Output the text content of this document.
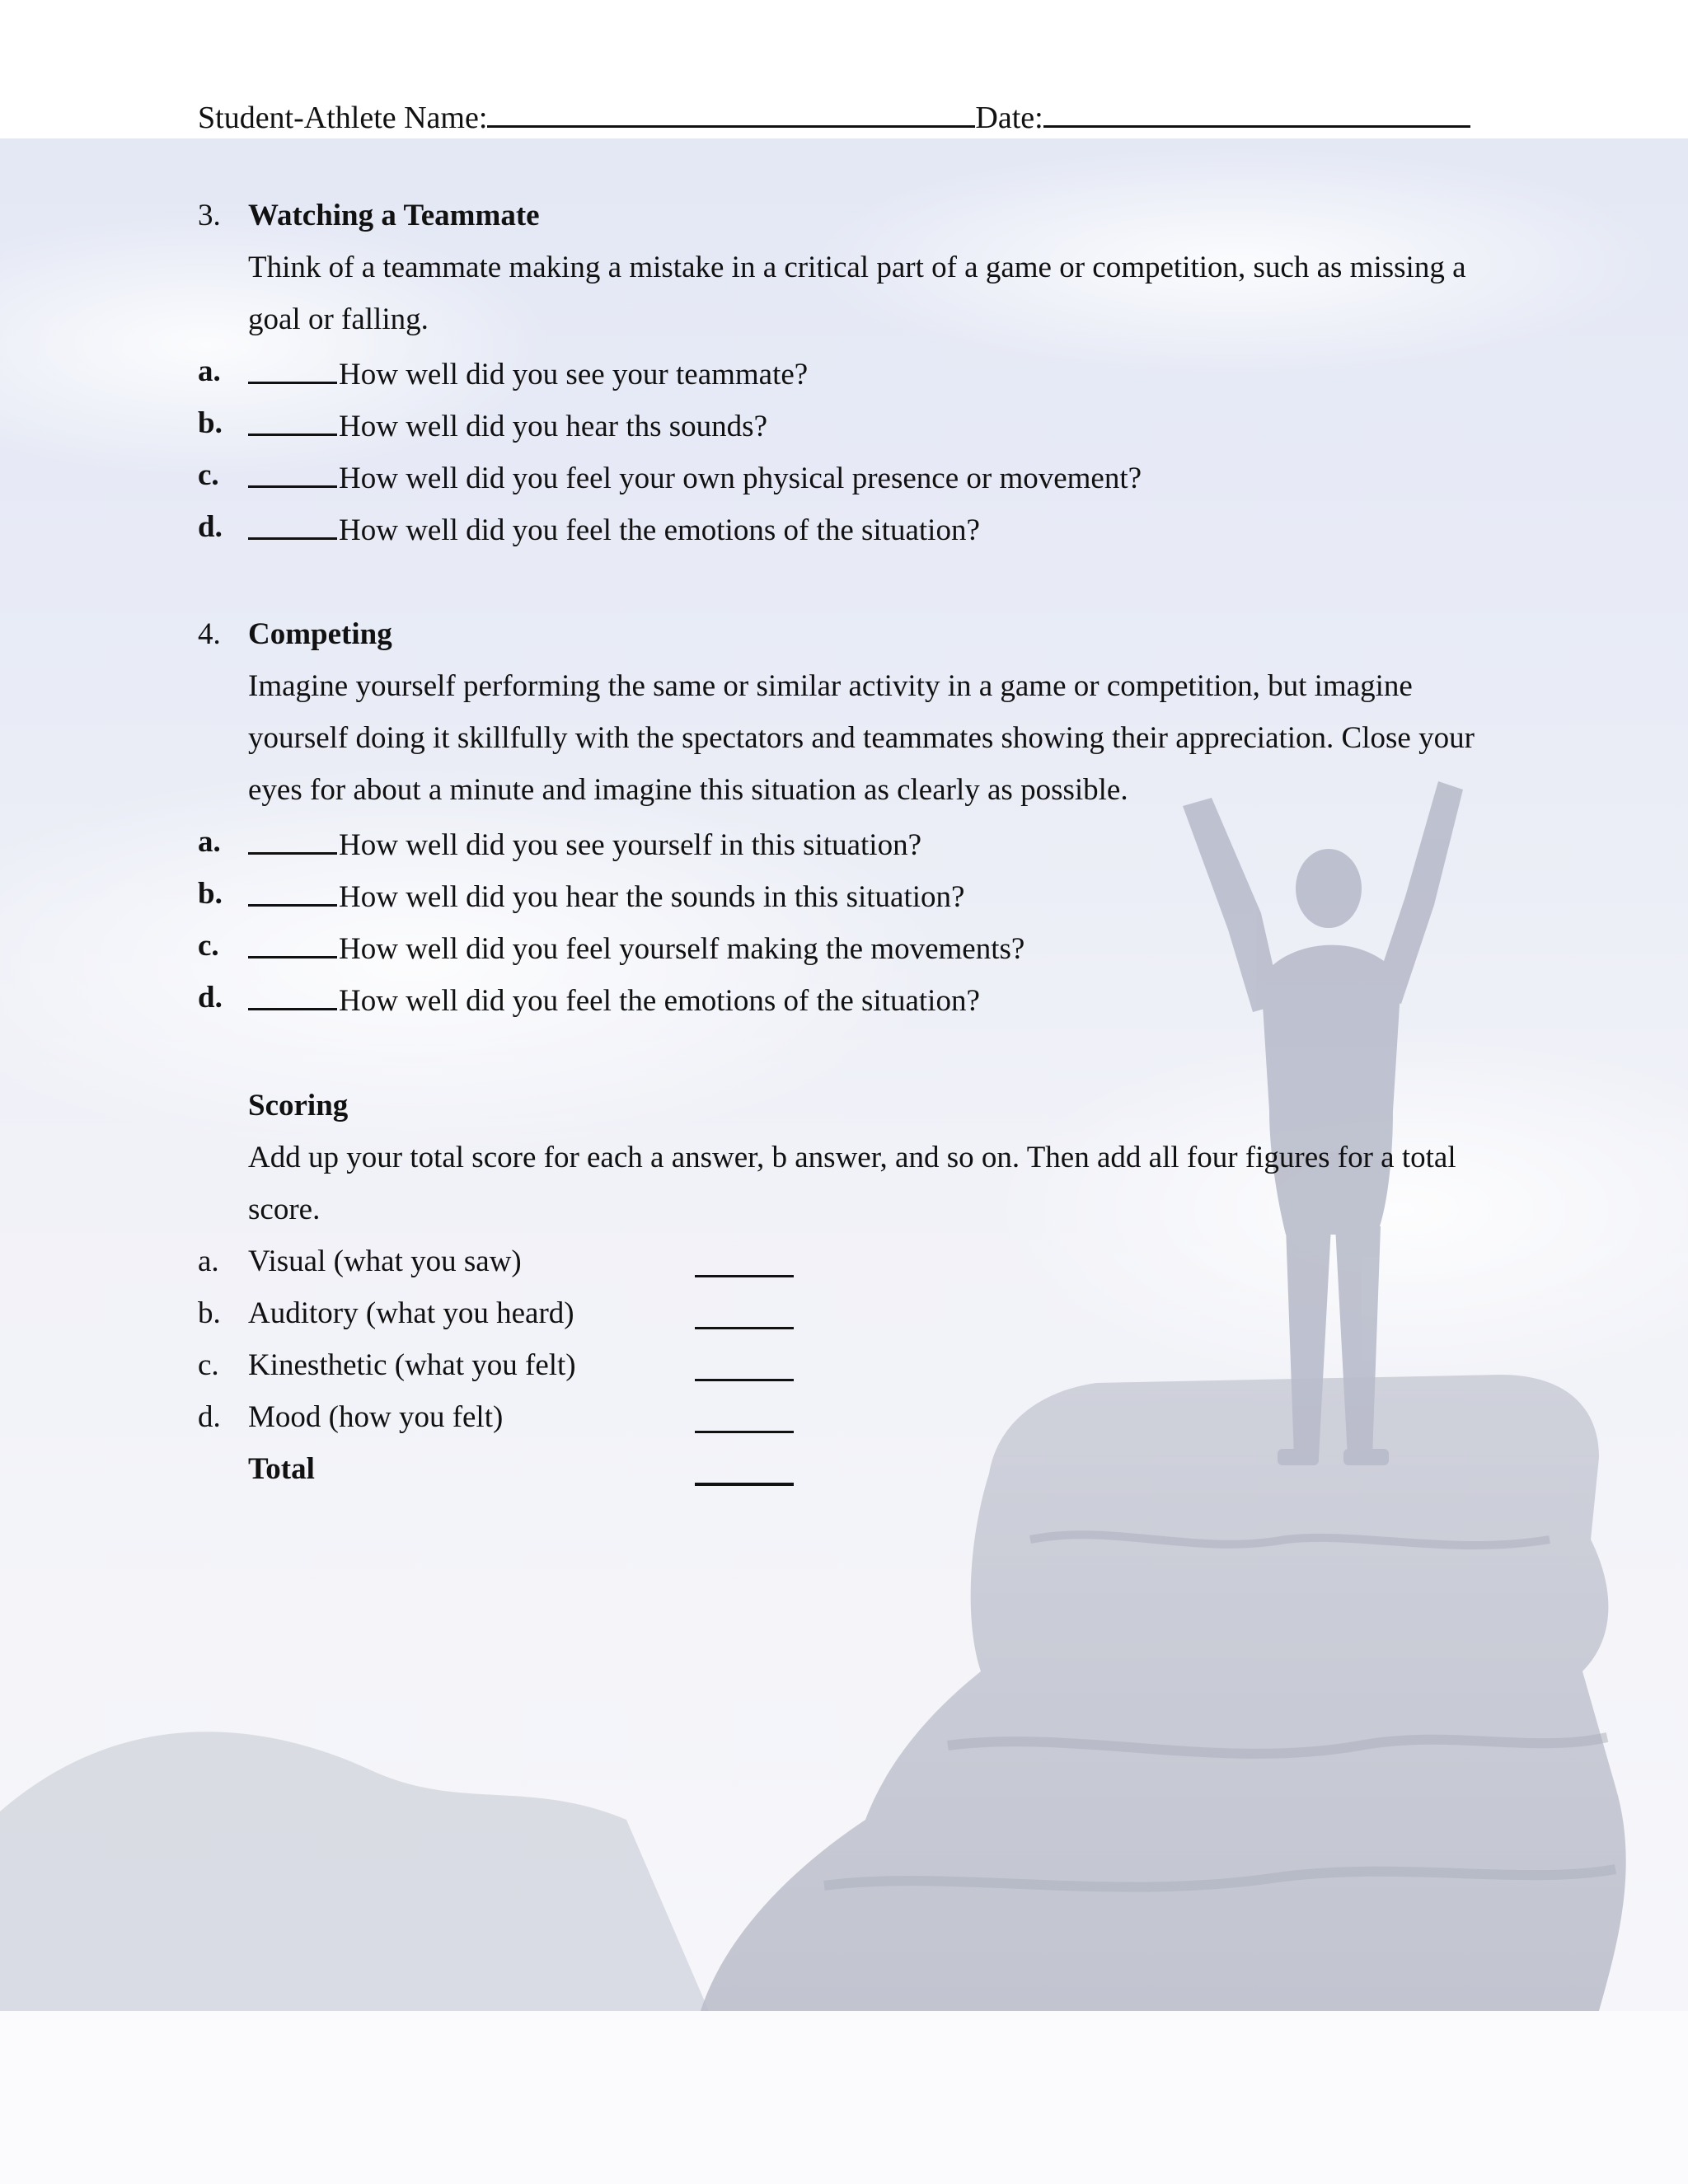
Student-Athlete Name:	Date:
3. Watching a Teammate
Think of a teammate making a mistake in a critical part of a game or competition, such as missing a
goal or falling.
a.	How well did you see your teammate?
b.	How well did you hear ths sounds?
c.	How well did you feel your own physical presence or movement?
d.	How well did you feel the emotions of the situation?
4. Competing
Imagine yourself performing the same or similar activity in a game or competition, but imagine
yourself doing it skillfully with the spectators and teammates showing their appreciation. Close your
eyes for about a minute and imagine this situation as clearly as possible.
a.	How well did you see yourself in this situation?
b.	How well did you hear the sounds in this situation?
c.	How well did you feel yourself making the movements?
d.	How well did you feel the emotions of the situation?
Scoring
Add up your total score for each a answer, b answer, and so on. Then add all four figures for a total
score.
a. Visual (what you saw)
b. Auditory (what you heard)
c. Kinesthetic (what you felt)
d. Mood (how you felt)
Total
